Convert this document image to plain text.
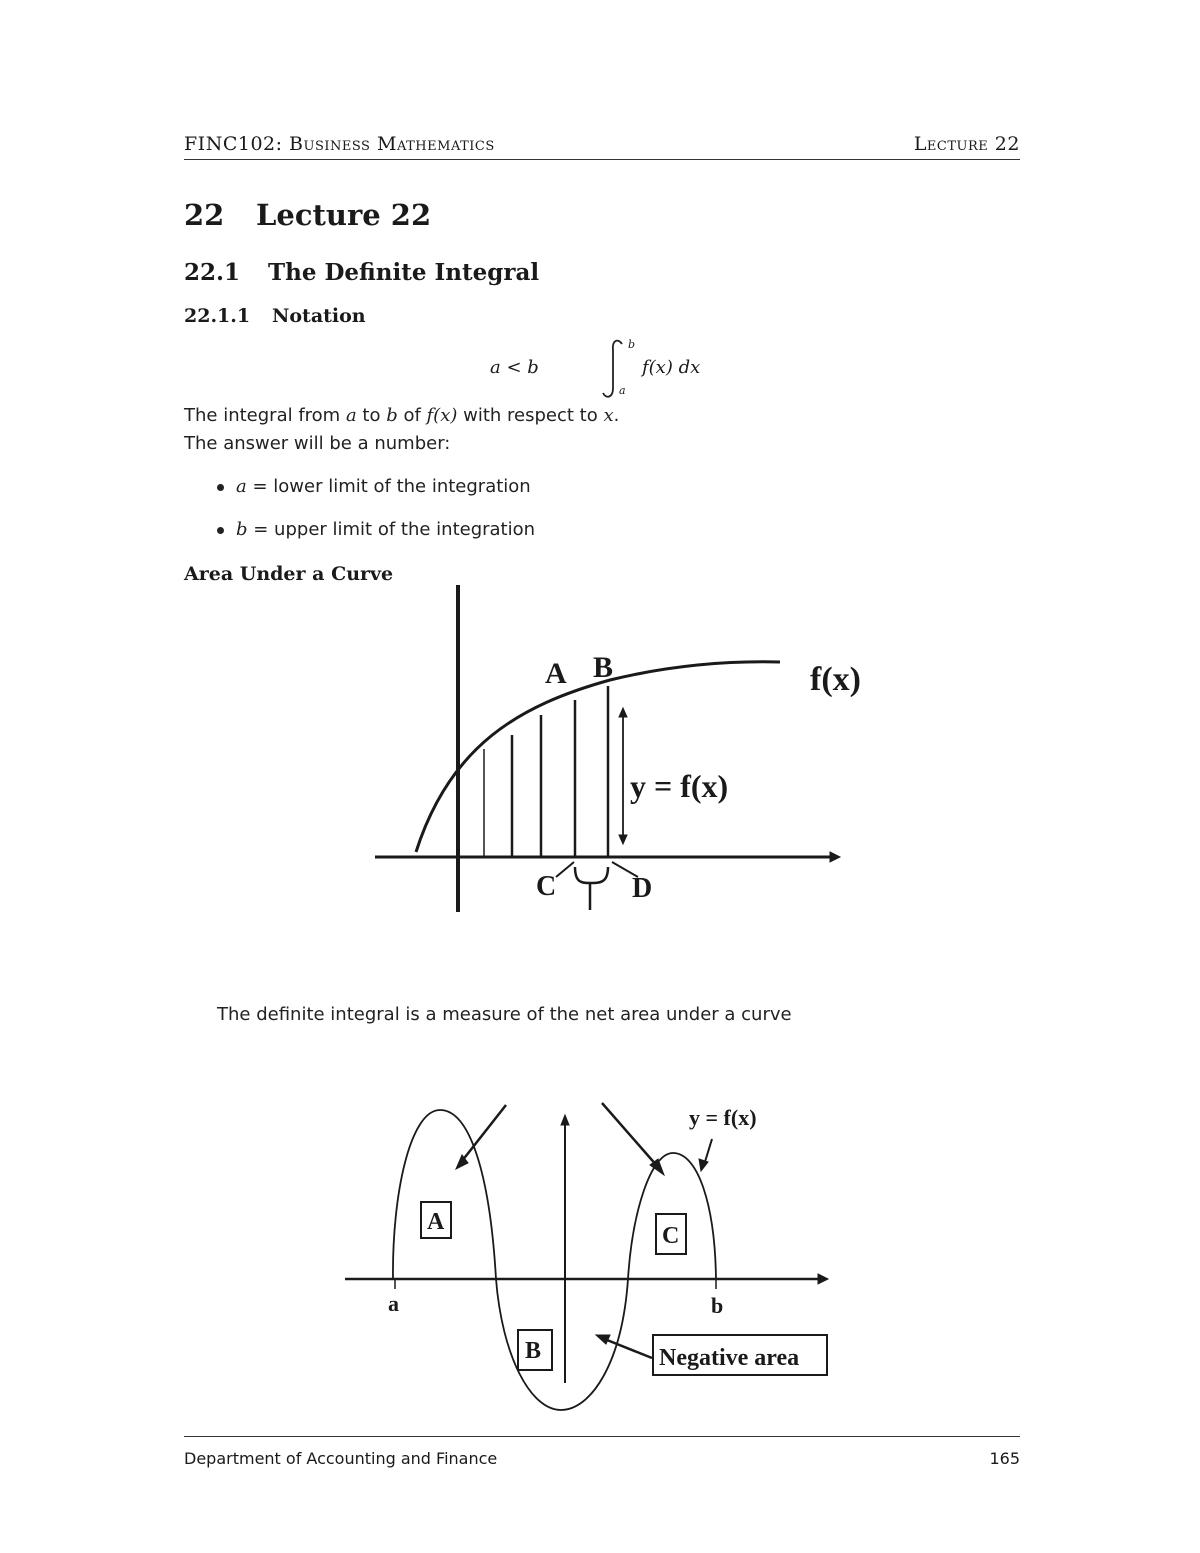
FINC102: Business Mathematics	Lecture 22
22 Lecture 22
22.1 The Definite Integral
22.1.1 Notation
a < b
b
a
f(x) dx
The integral from a to b of f(x) with respect to x.
The answer will be a number:
a = lower limit of the integration
b = upper limit of the integration
Area Under a Curve
A B	f(x)
y = f(x)
C	D
The definite integral is a measure of the net area under a curve
y = f(x)
A
C
B
a	b
Negative area
Department of Accounting and Finance	165
